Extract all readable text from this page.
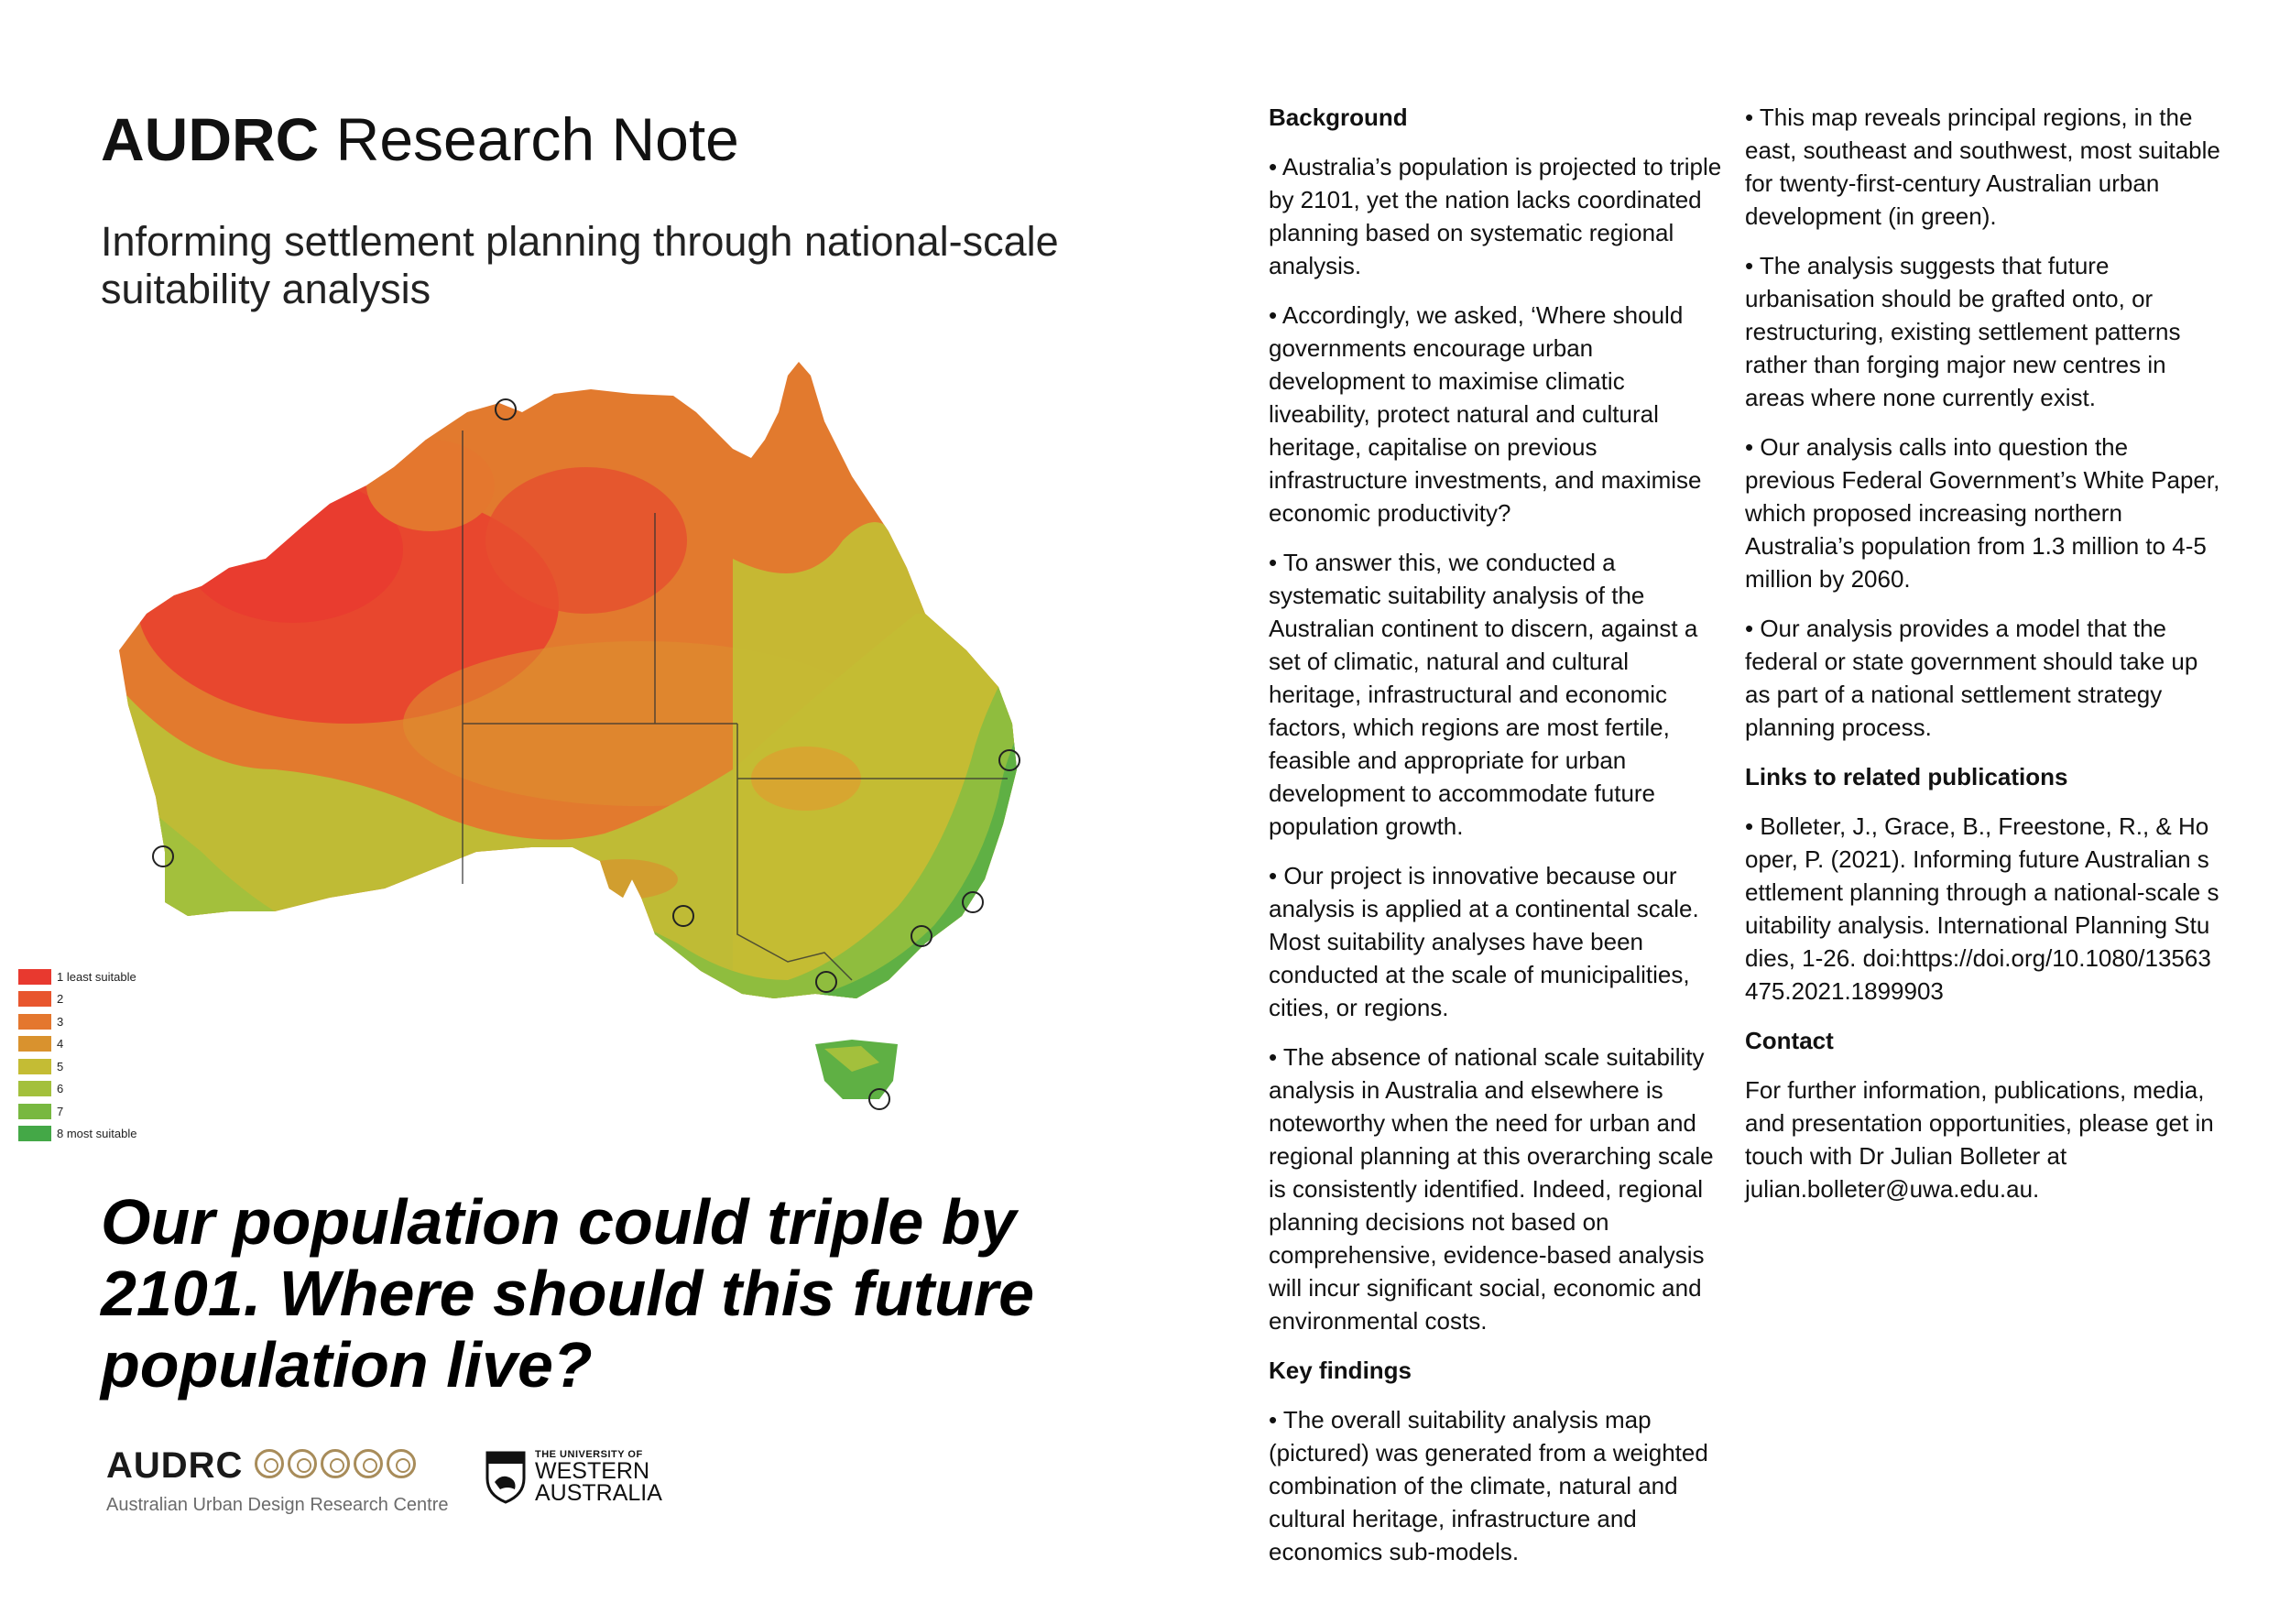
AUDRC Research Note
Informing settlement planning through national-scale suitability analysis
1 least suitable
2
3
4
5
6
7
8 most suitable
Our population could triple by 2101. Where should this future population live?
AUDRC
Australian Urban Design Research Centre
THE UNIVERSITY OF
WESTERN
AUSTRALIA
Background
• Australia’s population is projected to triple by 2101, yet the nation lacks coordinated planning based on systematic regional analysis.
• Accordingly, we asked, ‘Where should governments encourage urban development to maximise climatic liveability, protect natural and cultural heritage, capitalise on previous infrastructure investments, and maximise economic productivity?
• To answer this, we conducted a systematic suitability analysis of the Australian continent to discern, against a set of climatic, natural and cultural heritage, infrastructural and economic factors, which regions are most fertile, feasible and appropriate for urban development to accommodate future population growth.
• Our project is innovative because our analysis is applied at a continental scale. Most suitability analyses have been conducted at the scale of municipalities, cities, or regions.
• The absence of national scale suitability analysis in Australia and elsewhere is noteworthy when the need for urban and regional planning at this overarching scale is consistently identified. Indeed, regional planning decisions not based on comprehensive, evidence-based analysis will incur significant social, economic and environmental costs.
Key findings
• The overall suitability analysis map (pictured) was generated from a weighted combination of the climate, natural and cultural heritage, infrastructure and economics sub-models.
• This map reveals principal regions, in the east, southeast and southwest, most suitable for twenty-first-century Australian urban development (in green).
• The analysis suggests that future urbanisation should be grafted onto, or restructuring, existing settlement patterns rather than forging major new centres in areas where none currently exist.
• Our analysis calls into question the previous Federal Government’s White Paper, which proposed increasing northern Australia’s population from 1.3 million to 4-5 million by 2060.
• Our analysis provides a model that the federal or state government should take up as part of a national settlement strategy planning process.
Links to related publications
• Bolleter, J., Grace, B., Freestone, R., & Hooper, P. (2021). Informing future Australian settlement planning through a national-scale suitability analysis. International Planning Studies, 1-26. doi:https://doi.org/10.1080/13563475.2021.1899903
Contact
For further information, publications, media, and presentation opportunities, please get in touch with Dr Julian Bolleter at julian.bolleter@uwa.edu.au.
